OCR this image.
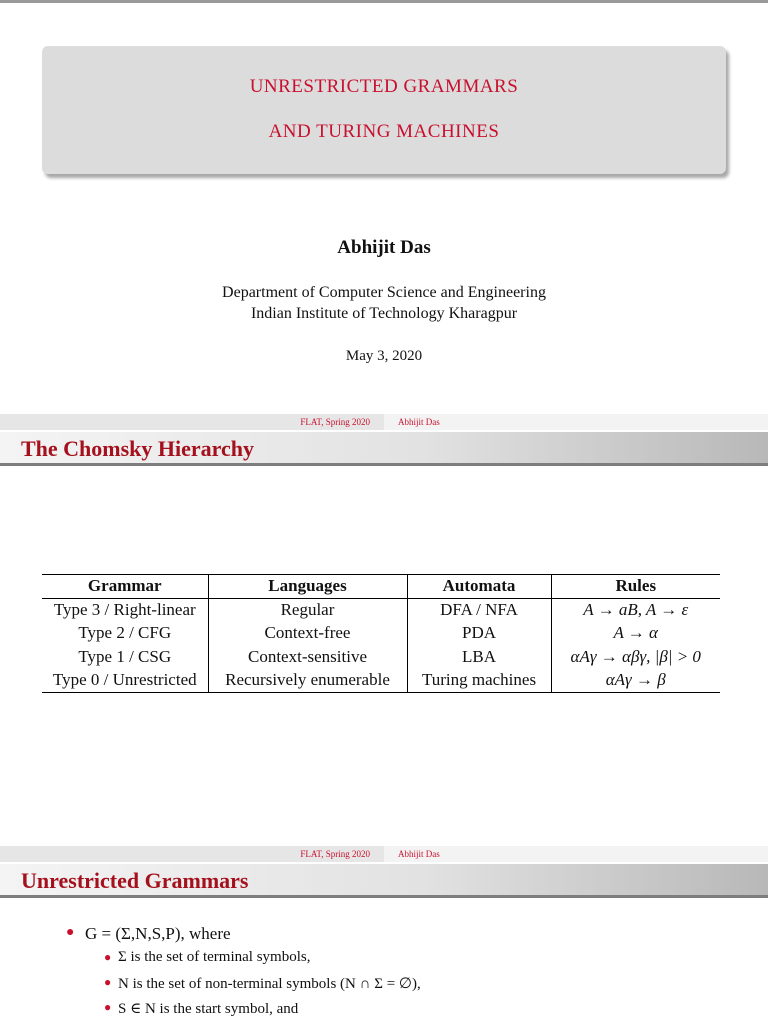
UNRESTRICTED GRAMMARS
AND TURING MACHINES
Abhijit Das
Department of Computer Science and Engineering
Indian Institute of Technology Kharagpur
May 3, 2020
FLAT, Spring 2020	Abhijit Das
The Chomsky Hierarchy
Grammar	Languages	Automata	Rules
Type 3 / Right-linear	Regular	DFA / NFA	A → aB, A → ε
Type 2 / CFG	Context-free	PDA	A → α
Type 1 / CSG	Context-sensitive	LBA	αAγ → αβγ, |β| > 0
Type 0 / Unrestricted	Recursively enumerable	Turing machines	αAγ → β
FLAT, Spring 2020	Abhijit Das
Unrestricted Grammars
● G = (Σ,N,S,P), where
● Σ is the set of terminal symbols,
● N is the set of non-terminal symbols (N ∩ Σ = ∅),
● S ∈ N is the start symbol, and
